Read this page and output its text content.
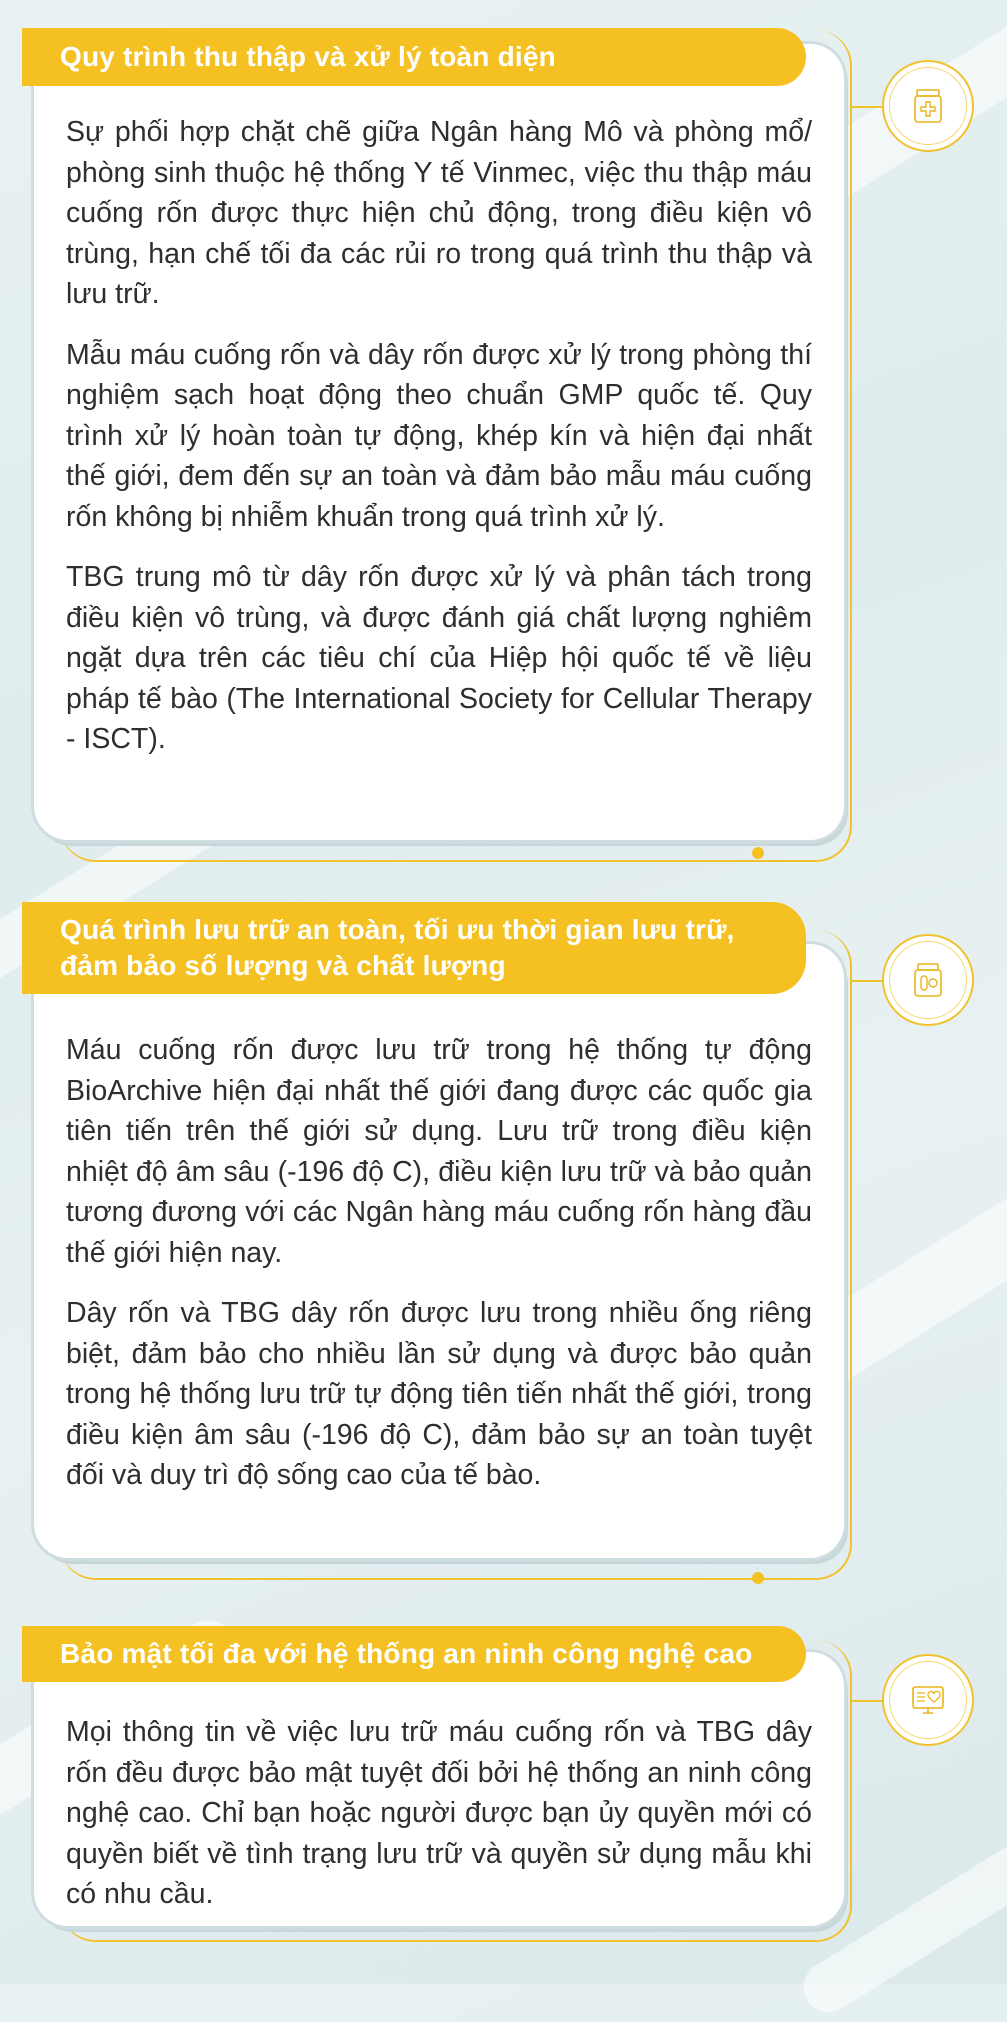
Quy trình thu thập và xử lý toàn diện

Sự phối hợp chặt chẽ giữa Ngân hàng Mô và phòng mổ/ phòng sinh thuộc hệ thống Y tế Vinmec, việc thu thập máu cuống rốn được thực hiện chủ động, trong điều kiện vô trùng, hạn chế tối đa các rủi ro trong quá trình thu thập và lưu trữ.

Mẫu máu cuống rốn và dây rốn được xử lý trong phòng thí nghiệm sạch hoạt động theo chuẩn GMP quốc tế. Quy trình xử lý hoàn toàn tự động, khép kín và hiện đại nhất thế giới, đem đến sự an toàn và đảm bảo mẫu máu cuống rốn không bị nhiễm khuẩn trong quá trình xử lý.

TBG trung mô từ dây rốn được xử lý và phân tách trong điều kiện vô trùng, và được đánh giá chất lượng nghiêm ngặt dựa trên các tiêu chí của Hiệp hội quốc tế về liệu pháp tế bào (The International Society for Cellular Therapy - ISCT).

Quá trình lưu trữ an toàn, tối ưu thời gian lưu trữ,
đảm bảo số lượng và chất lượng

Máu cuống rốn được lưu trữ trong hệ thống tự động BioArchive hiện đại nhất thế giới đang được các quốc gia tiên tiến trên thế giới sử dụng. Lưu trữ trong điều kiện nhiệt độ âm sâu (-196 độ C), điều kiện lưu trữ và bảo quản tương đương với các Ngân hàng máu cuống rốn hàng đầu thế giới hiện nay.

Dây rốn và TBG dây rốn được lưu trong nhiều ống riêng biệt, đảm bảo cho nhiều lần sử dụng và được bảo quản trong hệ thống lưu trữ tự động tiên tiến nhất thế giới, trong điều kiện âm sâu (-196 độ C), đảm bảo sự an toàn tuyệt đối và duy trì độ sống cao của tế bào.

Bảo mật tối đa với hệ thống an ninh công nghệ cao

Mọi thông tin về việc lưu trữ máu cuống rốn và TBG dây rốn đều được bảo mật tuyệt đối bởi hệ thống an ninh công nghệ cao. Chỉ bạn hoặc người được bạn ủy quyền mới có quyền biết về tình trạng lưu trữ và quyền sử dụng mẫu khi có nhu cầu.
